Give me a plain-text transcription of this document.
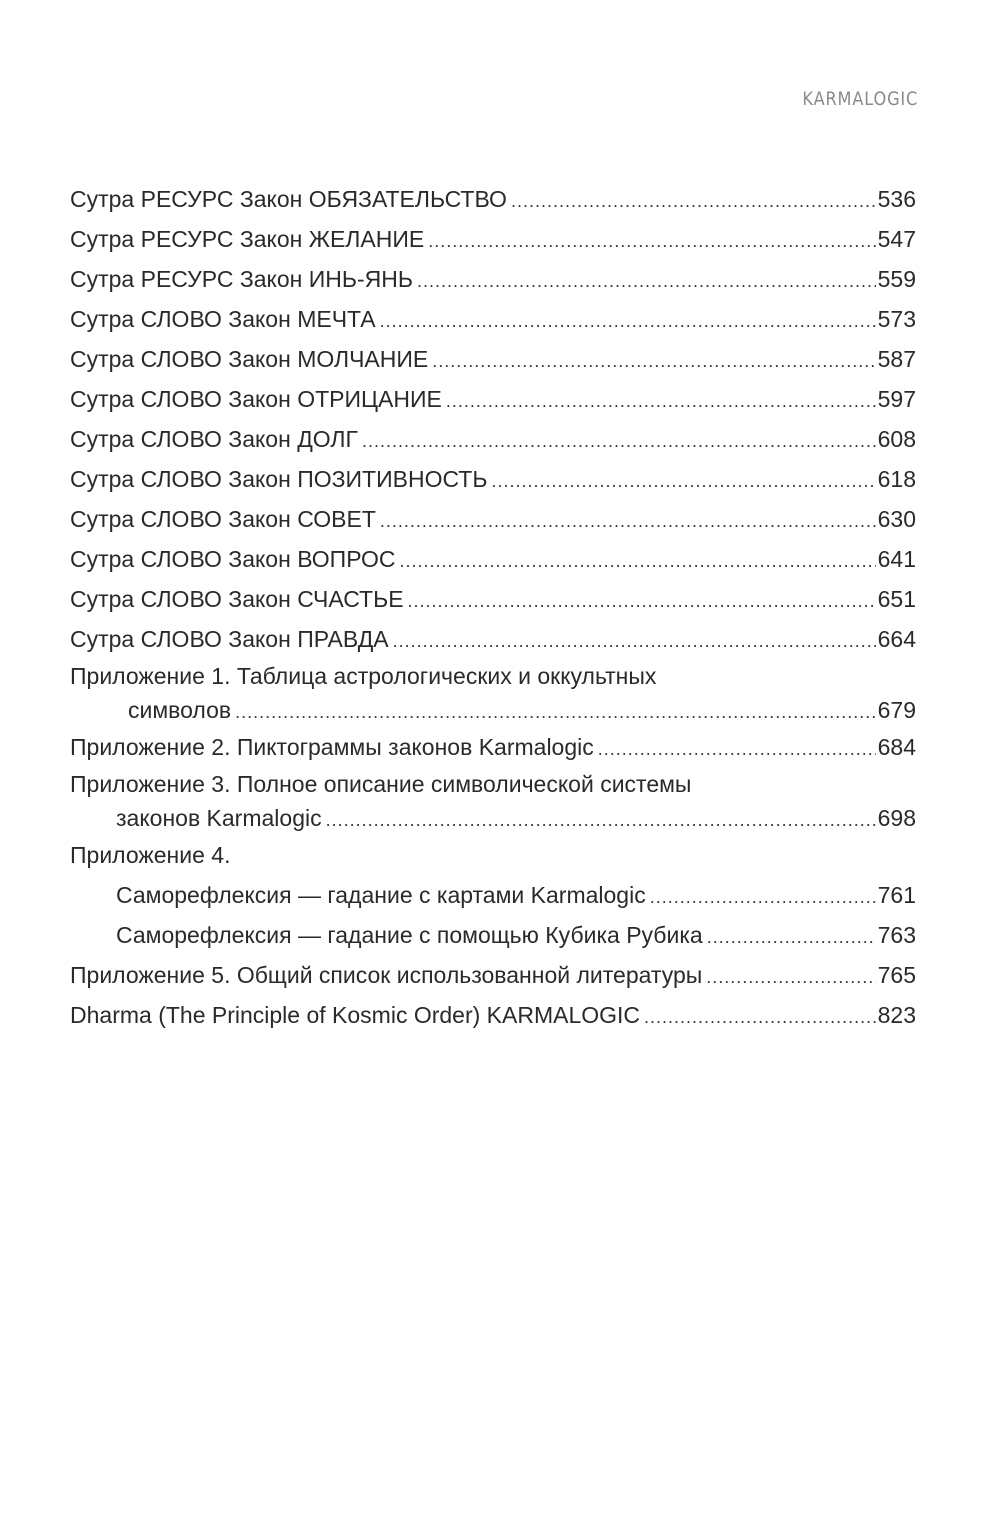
KARMALOGIC
Сутра РЕСУРС Закон ОБЯЗАТЕЛЬСТВО .....	536
Сутра РЕСУРС Закон ЖЕЛАНИЕ .....	547
Сутра РЕСУРС Закон ИНЬ-ЯНЬ .....	559
Сутра СЛОВО Закон МЕЧТА .....	573
Сутра СЛОВО Закон МОЛЧАНИЕ .....	587
Сутра СЛОВО Закон ОТРИЦАНИЕ .....	597
Сутра СЛОВО Закон ДОЛГ .....	608
Сутра СЛОВО Закон ПОЗИТИВНОСТЬ .....	618
Сутра СЛОВО Закон СОВЕТ .....	630
Сутра СЛОВО Закон ВОПРОС .....	641
Сутра СЛОВО Закон СЧАСТЬЕ .....	651
Сутра СЛОВО Закон ПРАВДА .....	664
Приложение 1. Таблица астрологических и оккультных
символов .....	679
Приложение 2. Пиктограммы законов Karmalogic .....	684
Приложение 3. Полное описание символической системы
законов Karmalogic .....	698
Приложение 4.
Саморефлексия — гадание с картами Karmalogic .....	761
Саморефлексия — гадание с помощью Кубика Рубика .....	763
Приложение 5. Общий список использованной литературы .....	765
Dharma (The Principle of Kosmic Order) KARMALOGIC .....	823
